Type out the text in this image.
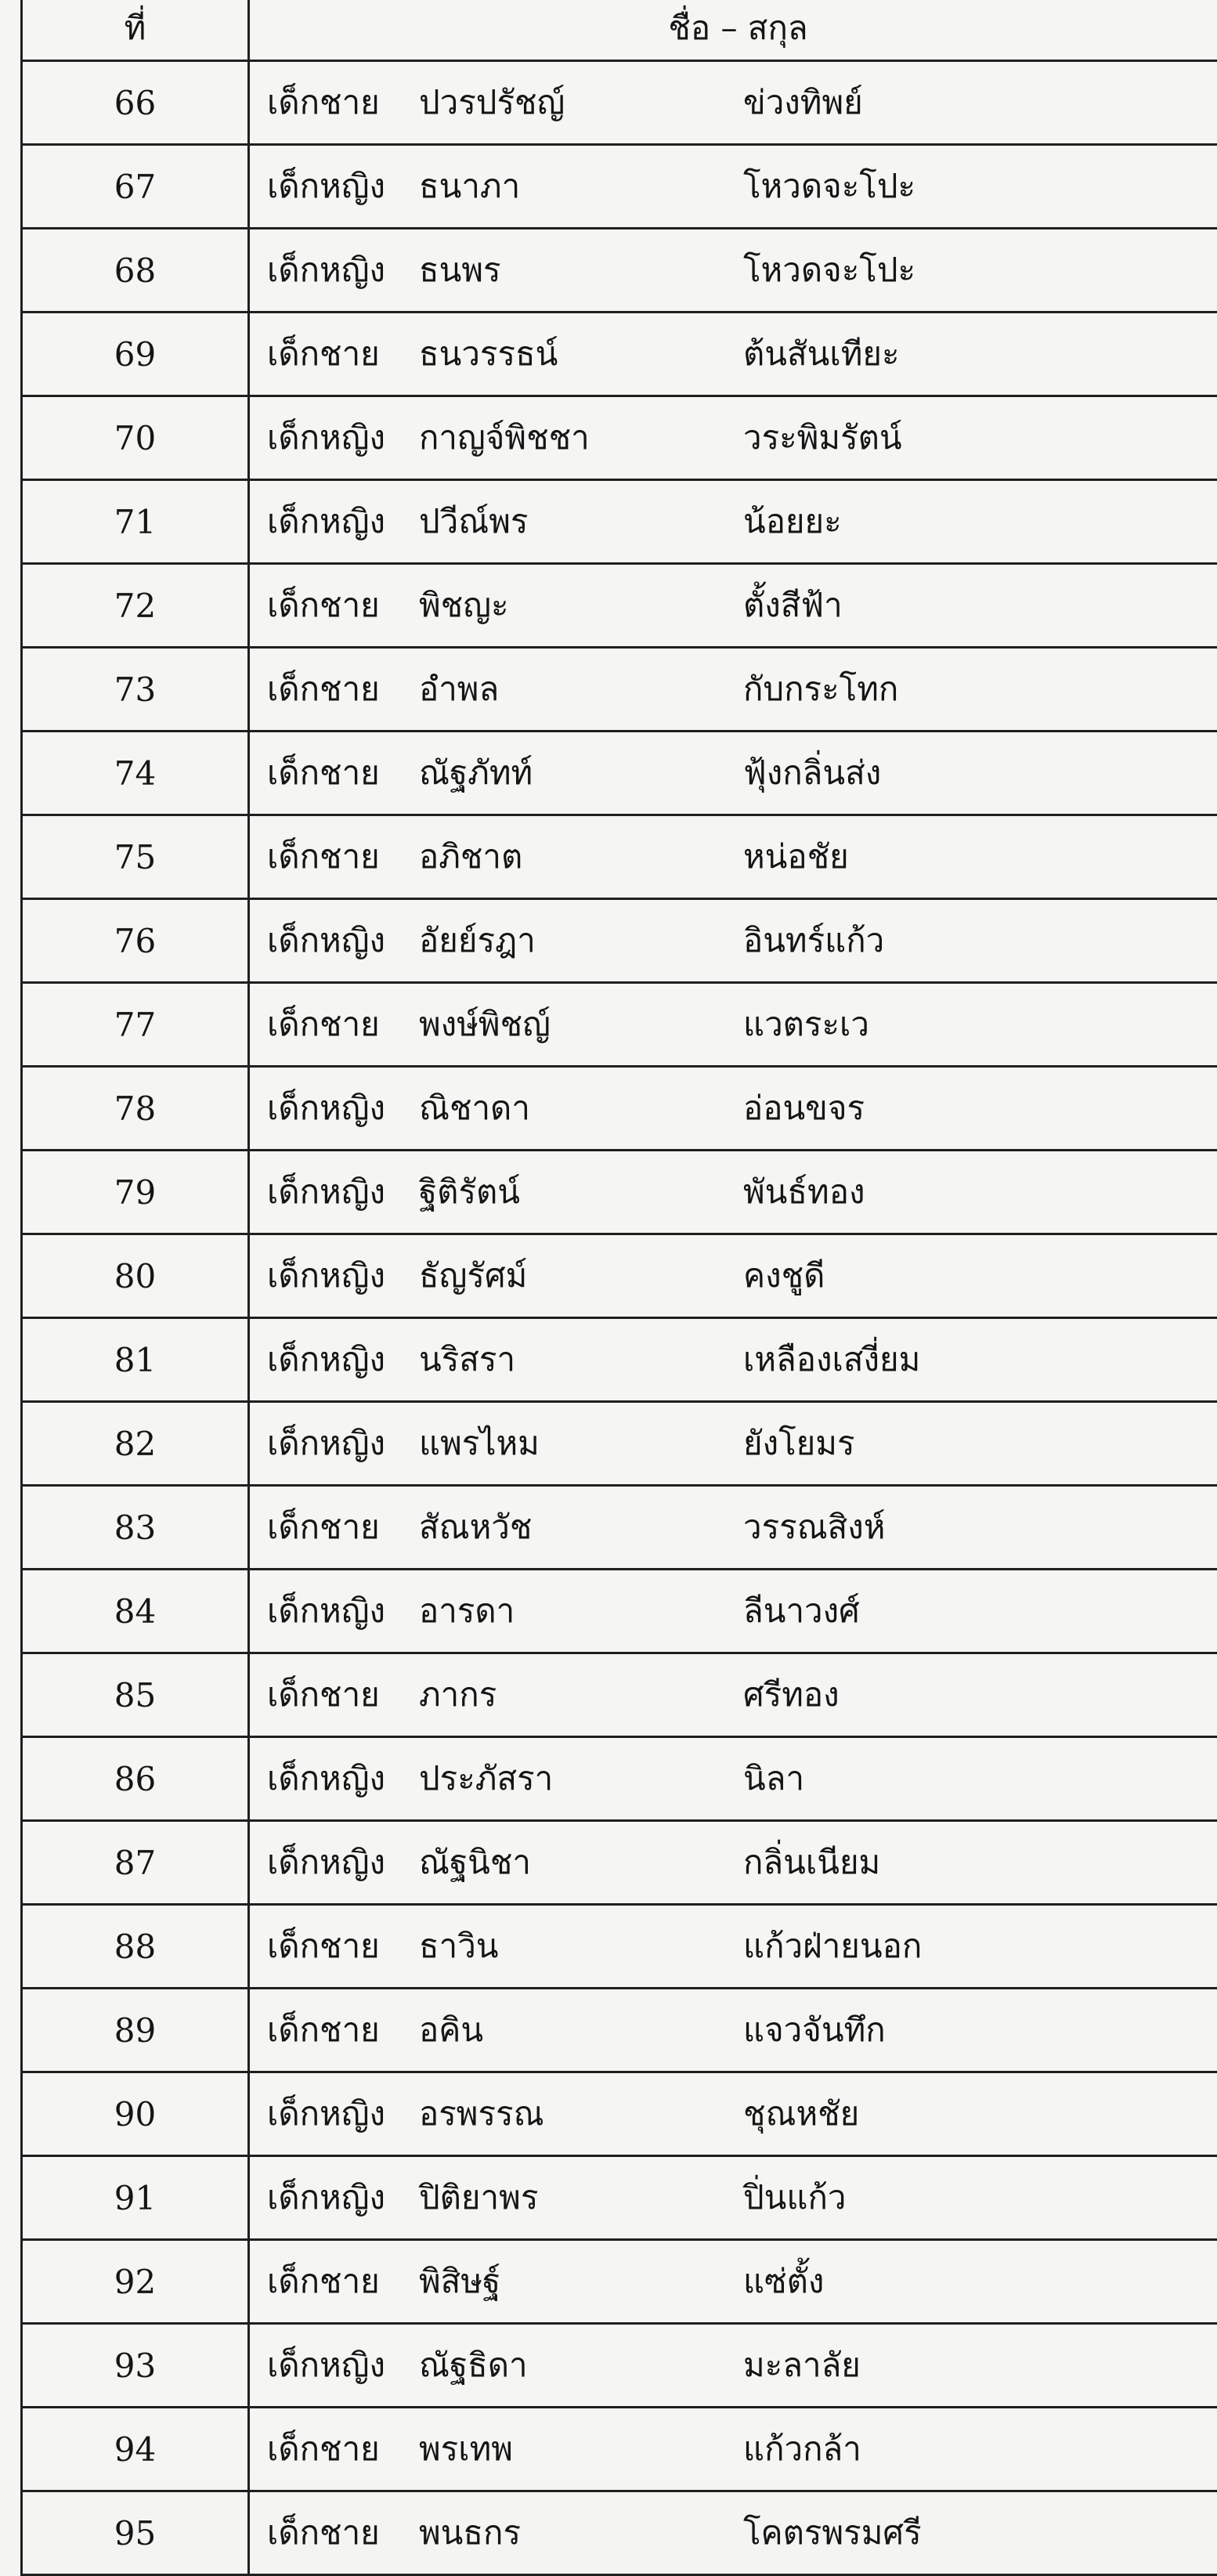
ที่	ชื่อ – สกุล
66	เด็กชาย ปวรปรัชญ์ ข่วงทิพย์

67	เด็กหญิง ธนาภา โหวดจะโปะ

68	เด็กหญิง ธนพร โหวดจะโปะ

69	เด็กชาย ธนวรรธน์ ต้นสันเทียะ

70	เด็กหญิง กาญจ์พิชชา วระพิมรัตน์

71	เด็กหญิง ปวีณ์พร น้อยยะ

72	เด็กชาย พิชญะ ตั้งสีฟ้า

73	เด็กชาย อำพล กับกระโทก

74	เด็กชาย ณัฐภัทท์ ฟุ้งกลิ่นส่ง

75	เด็กชาย อภิชาต หน่อชัย

76	เด็กหญิง อัยย์รฎา อินทร์แก้ว

77	เด็กชาย พงษ์พิชญ์ แวตระเว

78	เด็กหญิง ณิชาดา อ่อนขจร

79	เด็กหญิง ฐิติรัตน์ พันธ์ทอง

80	เด็กหญิง ธัญรัศม์ คงชูดี

81	เด็กหญิง นริสรา เหลืองเสงี่ยม

82	เด็กหญิง แพรไหม ยังโยมร

83	เด็กชาย สัณหวัช วรรณสิงห์

84	เด็กหญิง อารดา ลีนาวงศ์

85	เด็กชาย ภากร ศรีทอง

86	เด็กหญิง ประภัสรา นิลา

87	เด็กหญิง ณัฐนิชา กลิ่นเนียม

88	เด็กชาย ธาวิน แก้วฝ่ายนอก

89	เด็กชาย อคิน แจวจันทึก

90	เด็กหญิง อรพรรณ ชุณหชัย

91	เด็กหญิง ปิติยาพร ปิ่นแก้ว

92	เด็กชาย พิสิษฐ์ แซ่ตั้ง

93	เด็กหญิง ณัฐธิดา มะลาลัย

94	เด็กชาย พรเทพ แก้วกล้า

95	เด็กชาย พนธกร โคตรพรมศรี
